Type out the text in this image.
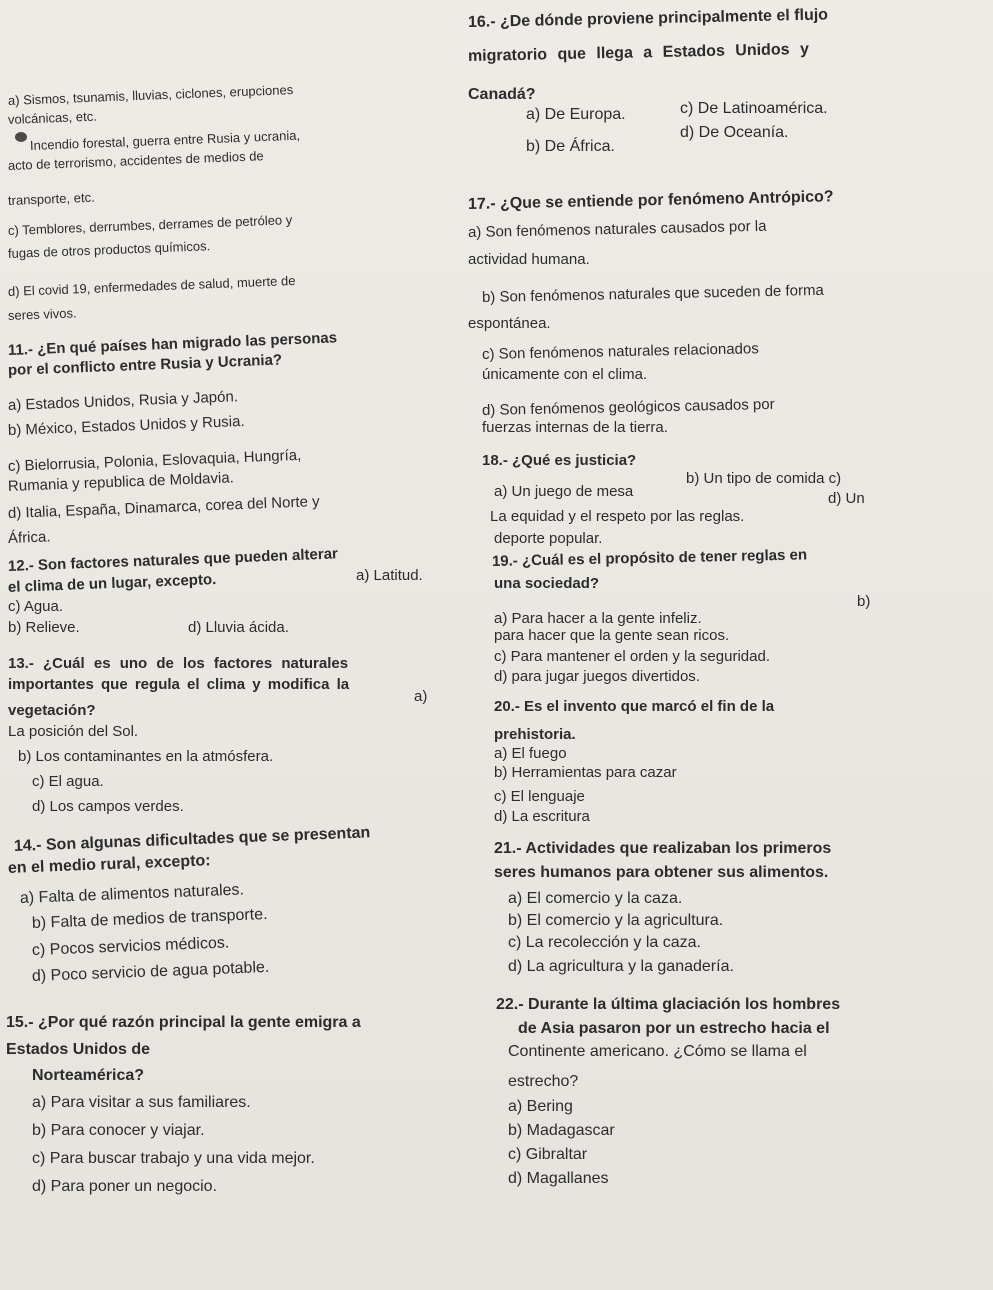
a) Sismos, tsunamis, lluvias, ciclones, erupciones
volcánicas, etc.
Incendio forestal, guerra entre Rusia y ucrania,
acto de terrorismo, accidentes de medios de
transporte, etc.
c) Temblores, derrumbes, derrames de petróleo y
fugas de otros productos químicos.
d) El covid 19, enfermedades de salud, muerte de
seres vivos.
11.- ¿En qué países han migrado las personas
por el conflicto entre Rusia y Ucrania?
a) Estados Unidos, Rusia y Japón.
b) México, Estados Unidos y Rusia.
c) Bielorrusia, Polonia, Eslovaquia, Hungría,
Rumania y republica de Moldavia.
d) Italia, España, Dinamarca, corea del Norte y
África.
12.- Son factores naturales que pueden alterar
el clima de un lugar, excepto.	a) Latitud.
c) Agua.
b) Relieve.	d) Lluvia ácida.
13.- ¿Cuál es uno de los factores naturales
importantes que regula el clima y modifica la
a)
vegetación?
La posición del Sol.
b) Los contaminantes en la atmósfera.
c) El agua.
d) Los campos verdes.
14.- Son algunas dificultades que se presentan
en el medio rural, excepto:
a) Falta de alimentos naturales.
b) Falta de medios de transporte.
c) Pocos servicios médicos.
d) Poco servicio de agua potable.
15.- ¿Por qué razón principal la gente emigra a
Estados Unidos de
Norteamérica?
a) Para visitar a sus familiares.
b) Para conocer y viajar.
c) Para buscar trabajo y una vida mejor.
d) Para poner un negocio.
16.- ¿De dónde proviene principalmente el flujo
migratorio que llega a Estados Unidos y
Canadá?
a) De Europa.	c) De Latinoamérica.
b) De África.
d) De Oceanía.
17.- ¿Que se entiende por fenómeno Antrópico?
a) Son fenómenos naturales causados por la
actividad humana.
b) Son fenómenos naturales que suceden de forma
espontánea.
c) Son fenómenos naturales relacionados
únicamente con el clima.
d) Son fenómenos geológicos causados por
fuerzas internas de la tierra.
18.- ¿Qué es justicia?
a) Un juego de mesa
b) Un tipo de comida c)
La equidad y el respeto por las reglas.
d) Un
deporte popular.
19.- ¿Cuál es el propósito de tener reglas en
una sociedad?
b)
a) Para hacer a la gente infeliz.
para hacer que la gente sean ricos.
c) Para mantener el orden y la seguridad.
d) para jugar juegos divertidos.
20.- Es el invento que marcó el fin de la
prehistoria.
a) El fuego
b) Herramientas para cazar
c) El lenguaje
d) La escritura
21.- Actividades que realizaban los primeros
seres humanos para obtener sus alimentos.
a) El comercio y la caza.
b) El comercio y la agricultura.
c) La recolección y la caza.
d) La agricultura y la ganadería.
22.- Durante la última glaciación los hombres
de Asia pasaron por un estrecho hacia el
Continente americano. ¿Cómo se llama el
estrecho?
a) Bering
b) Madagascar
c) Gibraltar
d) Magallanes
